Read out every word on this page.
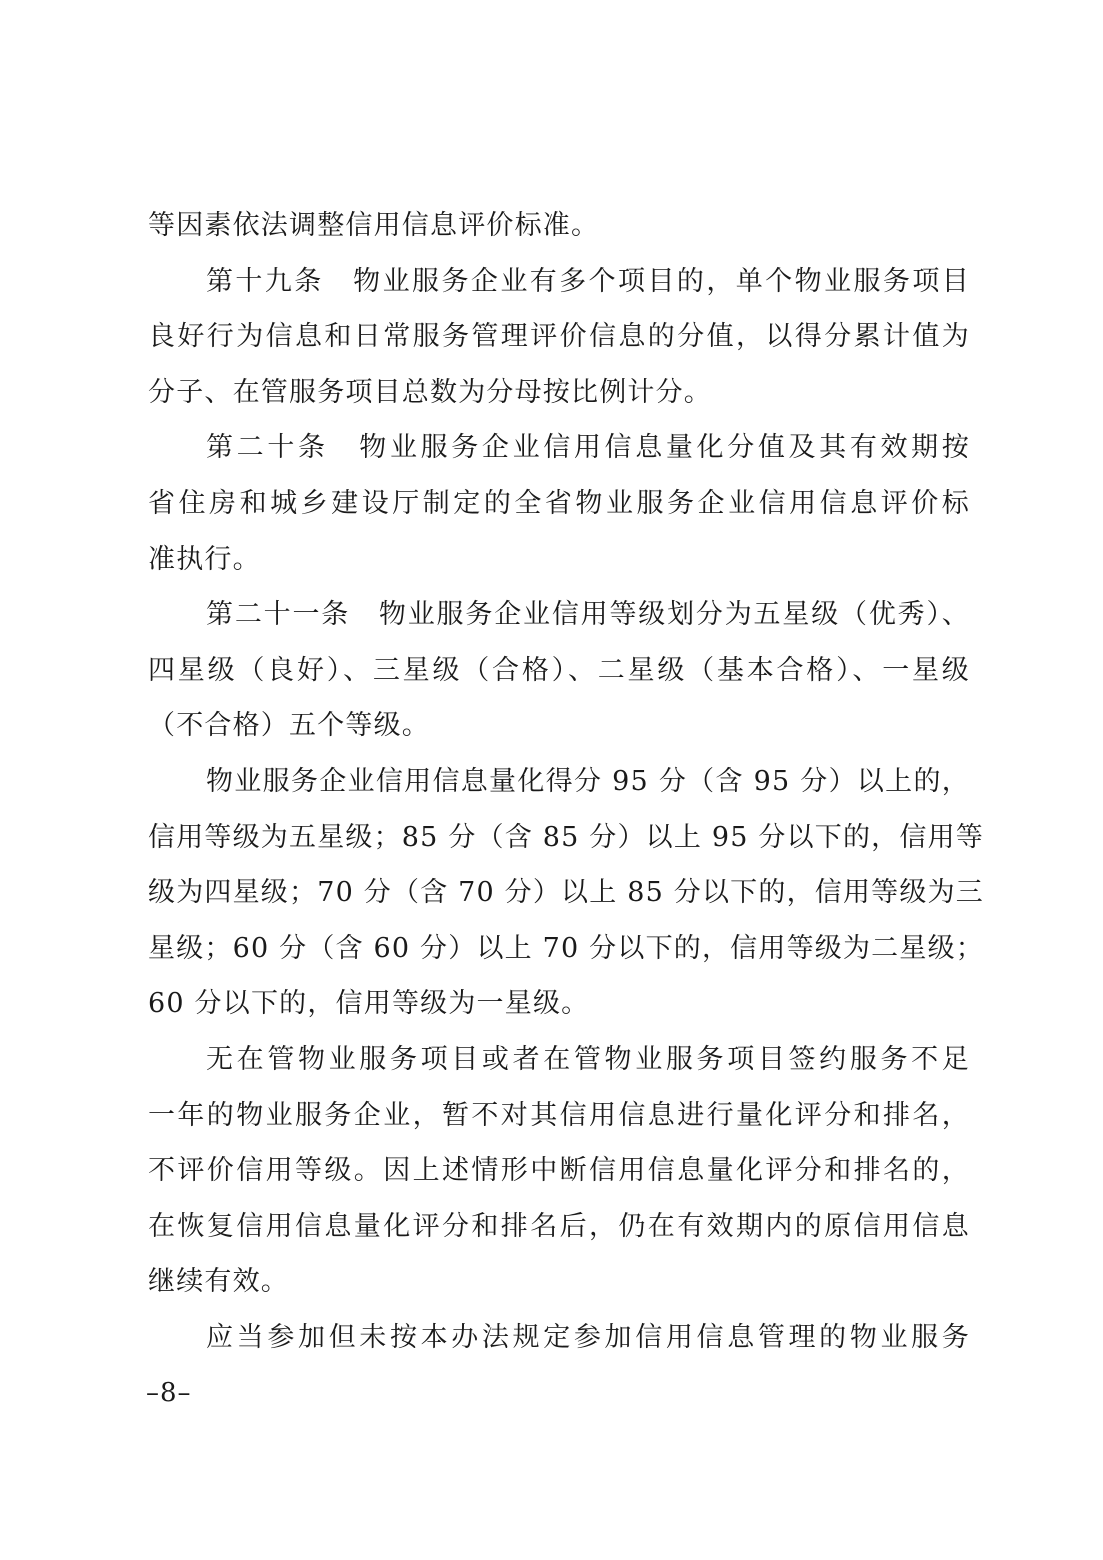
等因素依法调整信用信息评价标准。
第十九条　物业服务企业有多个项目的，单个物业服务项目
良好行为信息和日常服务管理评价信息的分值，以得分累计值为
分子、在管服务项目总数为分母按比例计分。
第二十条　物业服务企业信用信息量化分值及其有效期按
省住房和城乡建设厅制定的全省物业服务企业信用信息评价标
准执行。
第二十一条　物业服务企业信用等级划分为五星级（优秀）、
四星级（良好）、三星级（合格）、二星级（基本合格）、一星级
（不合格）五个等级。
物业服务企业信用信息量化得分 95 分（含 95 分）以上的，
信用等级为五星级；85 分（含 85 分）以上 95 分以下的，信用等
级为四星级；70 分（含 70 分）以上 85 分以下的，信用等级为三
星级；60 分（含 60 分）以上 70 分以下的，信用等级为二星级；
60 分以下的，信用等级为一星级。
无在管物业服务项目或者在管物业服务项目签约服务不足
一年的物业服务企业，暂不对其信用信息进行量化评分和排名，
不评价信用等级。因上述情形中断信用信息量化评分和排名的，
在恢复信用信息量化评分和排名后，仍在有效期内的原信用信息
继续有效。
应当参加但未按本办法规定参加信用信息管理的物业服务
–8–
